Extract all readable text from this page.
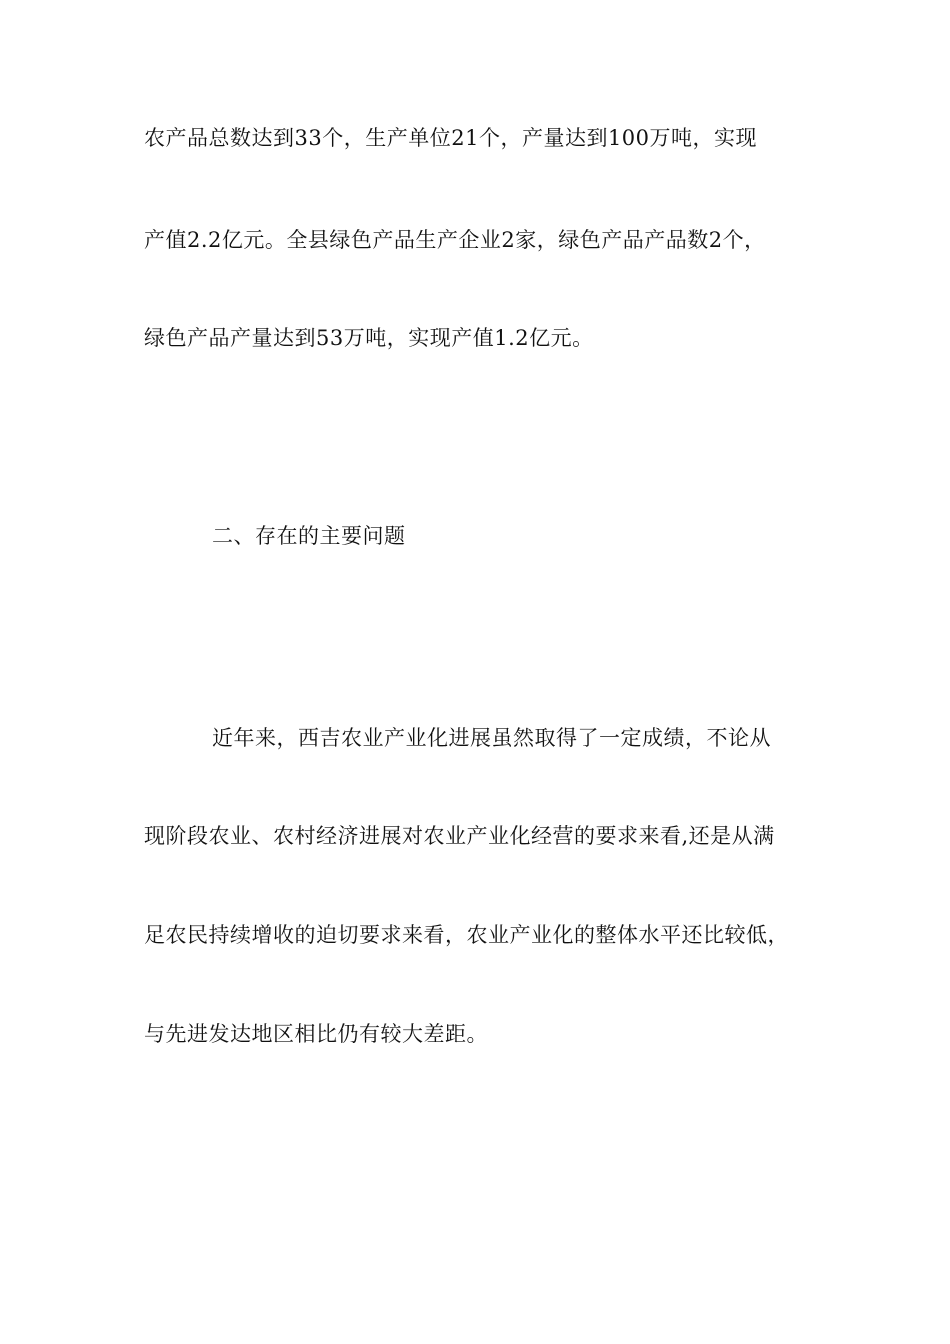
农产品总数达到33个，生产单位21个，产量达到100万吨，实现
产值2.2亿元。全县绿色产品生产企业2家，绿色产品产品数2个，
绿色产品产量达到53万吨，实现产值1.2亿元。
二、存在的主要问题
近年来，西吉农业产业化进展虽然取得了一定成绩，不论从
现阶段农业、农村经济进展对农业产业化经营的要求来看,还是从满
足农民持续增收的迫切要求来看，农业产业化的整体水平还比较低，
与先进发达地区相比仍有较大差距。
